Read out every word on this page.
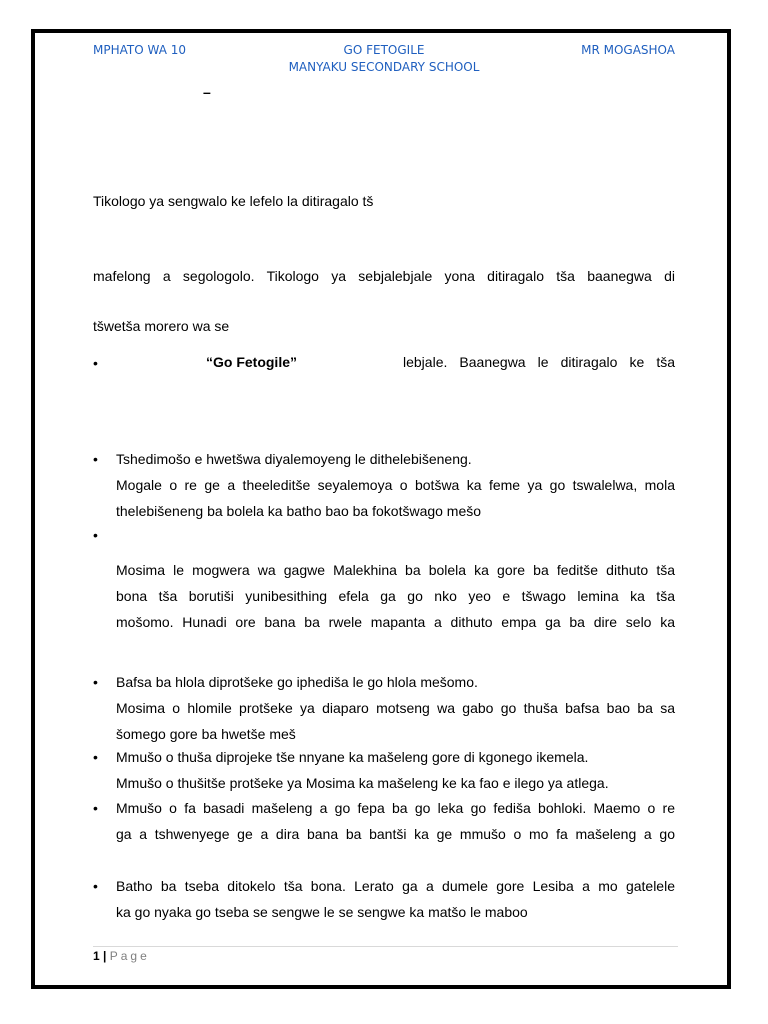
MPHATO WA 10	GO FETOGILE	MR MOGASHOA
MANYAKU SECONDARY SCHOOL
–
Tikologo ya sengwalo ke lefelo la ditiragalo tš
mafelong a segologolo. Tikologo ya sebjalebjale yona ditiragalo tša baanegwa di
tšwetša morero wa se
•	“Go Fetogile”	lebjale. Baanegwa le ditiragalo ke tša
• Tshedimošo e hwetšwa diyalemoyeng le dithelebišeneng.
Mogale o re ge a theeleditše seyalemoya o botšwa ka feme ya go tswalelwa, mola
thelebišeneng ba bolela ka batho bao ba fokotšwago mešo
•
Mosima le mogwera wa gagwe Malekhina ba bolela ka gore ba feditše dithuto tša
bona tša borutiši yunibesithing efela ga go nko yeo e tšwago lemina ka tša
mošomo. Hunadi ore bana ba rwele mapanta a dithuto empa ga ba dire selo ka
• Bafsa ba hlola diprotšeke go iphediša le go hlola mešomo.
Mosima o hlomile protšeke ya diaparo motseng wa gabo go thuša bafsa bao ba sa
šomego gore ba hwetše meš
• Mmušo o thuša diprojeke tše nnyane ka mašeleng gore di kgonego ikemela.
Mmušo o thušitše protšeke ya Mosima ka mašeleng ke ka fao e ilego ya atlega.
• Mmušo o fa basadi mašeleng a go fepa ba go leka go fediša bohloki. Maemo o re
ga a tshwenyege ge a dira bana ba bantši ka ge mmušo o mo fa mašeleng a go
• Batho ba tseba ditokelo tša bona. Lerato ga a dumele gore Lesiba a mo gatelele
ka go nyaka go tseba se sengwe le se sengwe ka matšo le maboo
1 | Page
